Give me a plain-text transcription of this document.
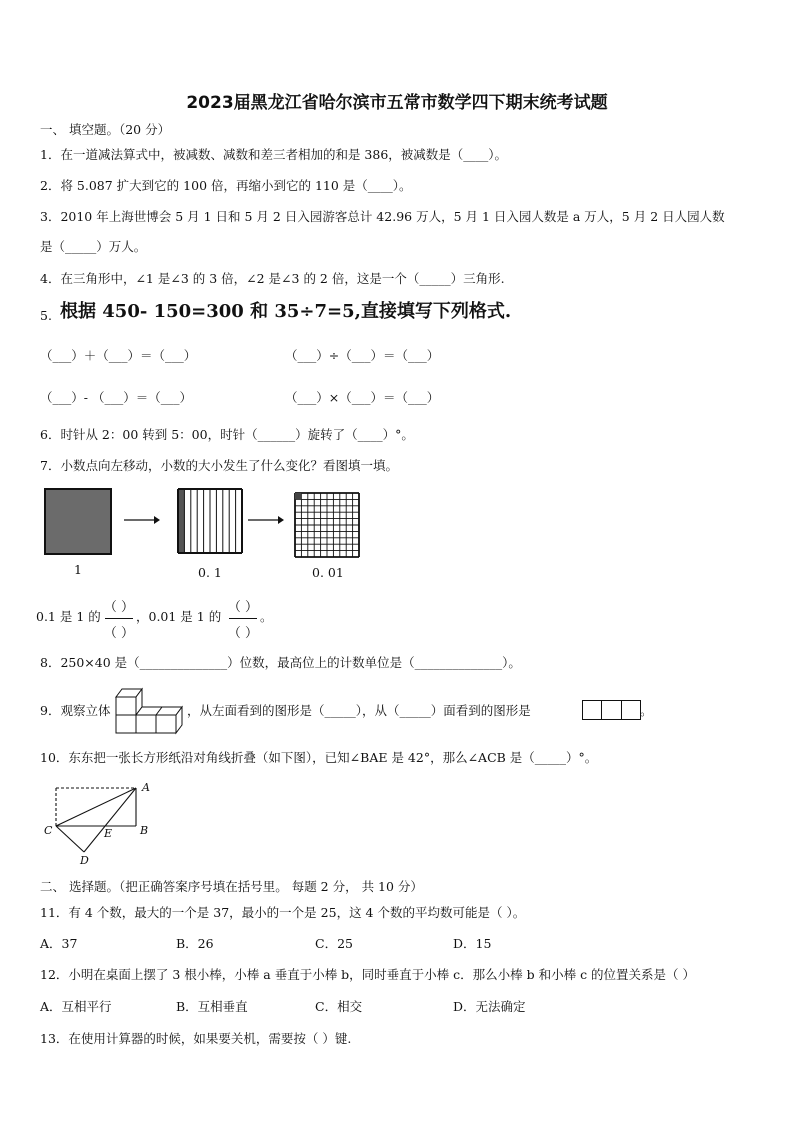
2023届黑龙江省哈尔滨市五常市数学四下期末统考试题
一、 填空题。（20 分）
1．在一道减法算式中，被减数、减数和差三者相加的和是 386，被减数是（____）。
2．将 5.087 扩大到它的 100 倍，再缩小到它的 110 是（____）。
3．2010 年上海世博会 5 月 1 日和 5 月 2 日入园游客总计 42.96 万人，5 月 1 日入园人数是 a 万人，5 月 2 日人园人数
是（_____）万人。
4．在三角形中，∠1 是∠3 的 3 倍，∠2 是∠3 的 2 倍，这是一个（_____）三角形.
5. 根据 450- 150=300 和 35÷7=5,直接填写下列格式.
（___）＋（___）＝（___）	（___）÷（___）＝（___）
（___）- （___）＝（___）	（___）×（___）＝（___）
6．时针从 2：00 转到 5：00，时针（______）旋转了（____）°。
7．小数点向左移动，小数的大小发生了什么变化？看图填一填。
1	0. 1	0. 01
0.1 是 1 的
（ ）
（ ）
，0.01 是 1 的
（ ）
（ ）
。
8．250×40 是（______________）位数，最高位上的计数单位是（______________）。
9．观察立体	，从左面看到的图形是（_____），从（_____）面看到的图形是	。
10．东东把一张长方形纸沿对角线折叠（如下图），已知∠BAE 是 42°，那么∠ACB 是（_____）°。
A
B
C
D
E
二、 选择题。（把正确答案序号填在括号里。 每题 2 分， 共 10 分）
11．有 4 个数，最大的一个是 37，最小的一个是 25，这 4 个数的平均数可能是（ ）。
A．37	B．26	C．25	D．15
12．小明在桌面上摆了 3 根小棒，小棒 a 垂直于小棒 b，同时垂直于小棒 c．那么小棒 b 和小棒 c 的位置关系是（ ）
A．互相平行	B．互相垂直	C．相交	D．无法确定
13．在使用计算器的时候，如果要关机，需要按（ ）键.
